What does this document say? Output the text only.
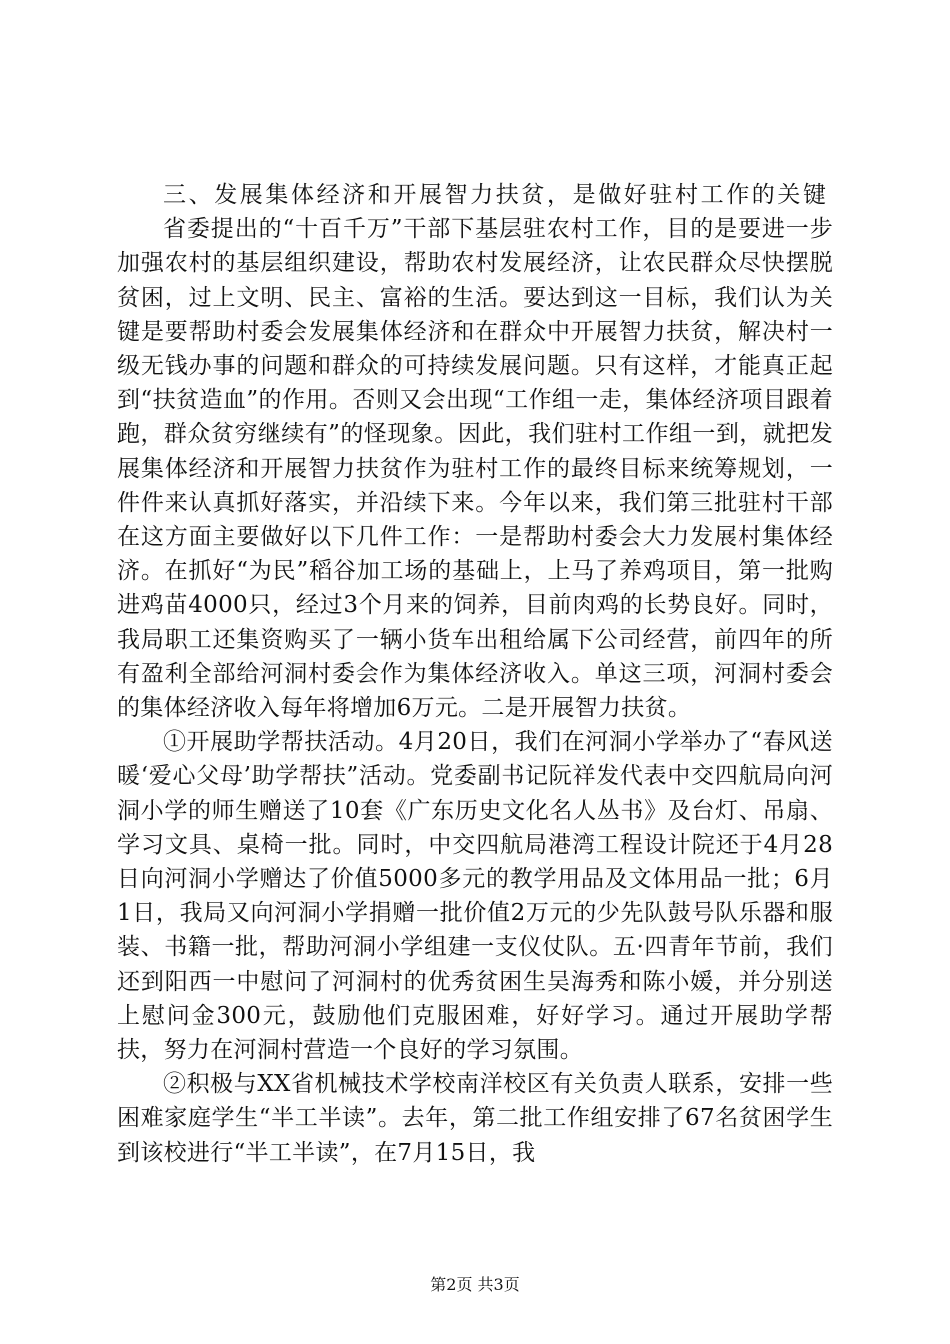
三、发展集体经济和开展智力扶贫，是做好驻村工作的关键

省委提出的“十百千万”干部下基层驻农村工作，目的是要进一步加强农村的基层组织建设，帮助农村发展经济，让农民群众尽快摆脱贫困，过上文明、民主、富裕的生活。要达到这一目标，我们认为关键是要帮助村委会发展集体经济和在群众中开展智力扶贫，解决村一级无钱办事的问题和群众的可持续发展问题。只有这样，才能真正起到“扶贫造血”的作用。否则又会出现“工作组一走，集体经济项目跟着跑，群众贫穷继续有”的怪现象。因此，我们驻村工作组一到，就把发展集体经济和开展智力扶贫作为驻村工作的最终目标来统筹规划，一件件来认真抓好落实，并沿续下来。今年以来，我们第三批驻村干部在这方面主要做好以下几件工作：一是帮助村委会大力发展村集体经济。在抓好“为民”稻谷加工场的基础上，上马了养鸡项目，第一批购进鸡苗4000只，经过3个月来的饲养，目前肉鸡的长势良好。同时，我局职工还集资购买了一辆小货车出租给属下公司经营，前四年的所有盈利全部给河洞村委会作为集体经济收入。单这三项，河洞村委会的集体经济收入每年将增加6万元。二是开展智力扶贫。

①开展助学帮扶活动。4月20日，我们在河洞小学举办了“春风送暖‘爱心父母’助学帮扶”活动。党委副书记阮祥发代表中交四航局向河洞小学的师生赠送了10套《广东历史文化名人丛书》及台灯、吊扇、学习文具、桌椅一批。同时，中交四航局港湾工程设计院还于4月28日向河洞小学赠达了价值5000多元的教学用品及文体用品一批；6月1日，我局又向河洞小学捐赠一批价值2万元的少先队鼓号队乐器和服装、书籍一批，帮助河洞小学组建一支仪仗队。五·四青年节前，我们还到阳西一中慰问了河洞村的优秀贫困生吴海秀和陈小媛，并分别送上慰问金300元，鼓励他们克服困难，好好学习。通过开展助学帮扶，努力在河洞村营造一个良好的学习氛围。

②积极与XX省机械技术学校南洋校区有关负责人联系，安排一些困难家庭学生“半工半读”。去年，第二批工作组安排了67名贫困学生到该校进行“半工半读”，在7月15日，我

第2页 共3页
